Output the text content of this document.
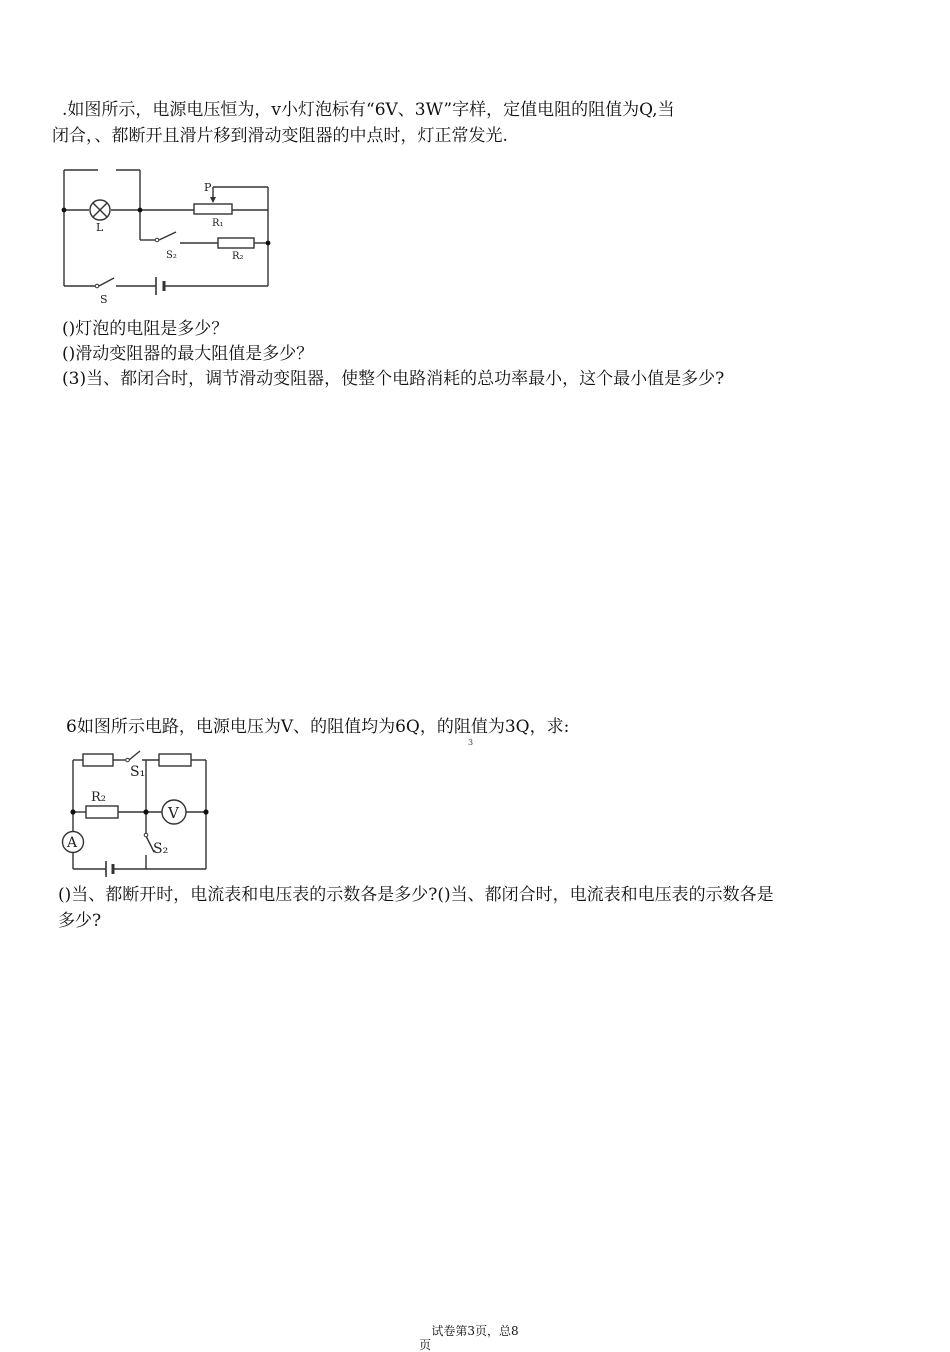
.如图所示，电源电压恒为，v小灯泡标有“6V、3W”字样，定值电阻的阻值为Q,当
闭合，、都断开且滑片移到滑动变阻器的中点时，灯正常发光.
L
P
R₁
S₂	R₂
S
()灯泡的电阻是多少？
()滑动变阻器的最大阻值是多少？
(3)当、都闭合时，调节滑动变阻器，使整个电路消耗的总功率最小，这个最小值是多少?
6如图所示电路，电源电压为V、的阻值均为6Q，的阻值为3Q，求:
3
V
A
S₁
R₂
S₂
()当、都断开时，电流表和电压表的示数各是多少?()当、都闭合时，电流表和电压表的示数各是
多少?
试卷第3页，总8
页
